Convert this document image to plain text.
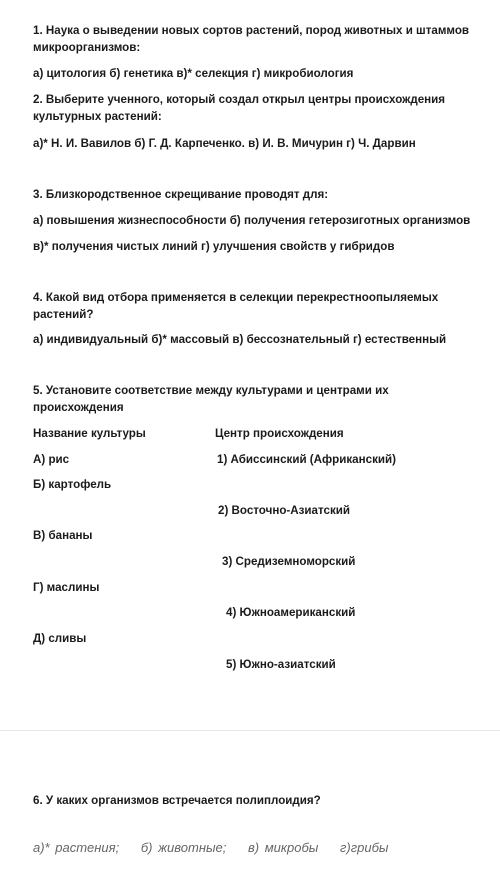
1. Наука о выведении новых сортов растений, пород животных и штаммов микроорганизмов:
а) цитология б) генетика в)* селекция г) микробиология
2. Выберите ученного, который создал открыл центры происхождения культурных растений:
а)* Н. И. Вавилов б) Г. Д. Карпеченко. в) И. В. Мичурин г) Ч. Дарвин
3. Близкородственное скрещивание проводят для:
а) повышения жизнеспособности б) получения гетерозиготных организмов
в)* получения чистых линий г) улучшения свойств у гибридов
4. Какой вид отбора применяется в селекции перекрестноопыляемых растений?
а) индивидуальный б)* массовый в) бессознательный г) естественный
5. Установите соответствие между культурами и центрами их происхождения
Название культуры	Центр происхождения
А) рис	1) Абиссинский (Африканский)
Б) картофель
2) Восточно-Азиатский
В) бананы
3) Средиземноморский
Г) маслины
4) Южноамериканский
Д) сливы
5) Южно-азиатский
6. У каких организмов встречается полиплоидия?
а)* растения; б) животные; в) микробы г)грибы
